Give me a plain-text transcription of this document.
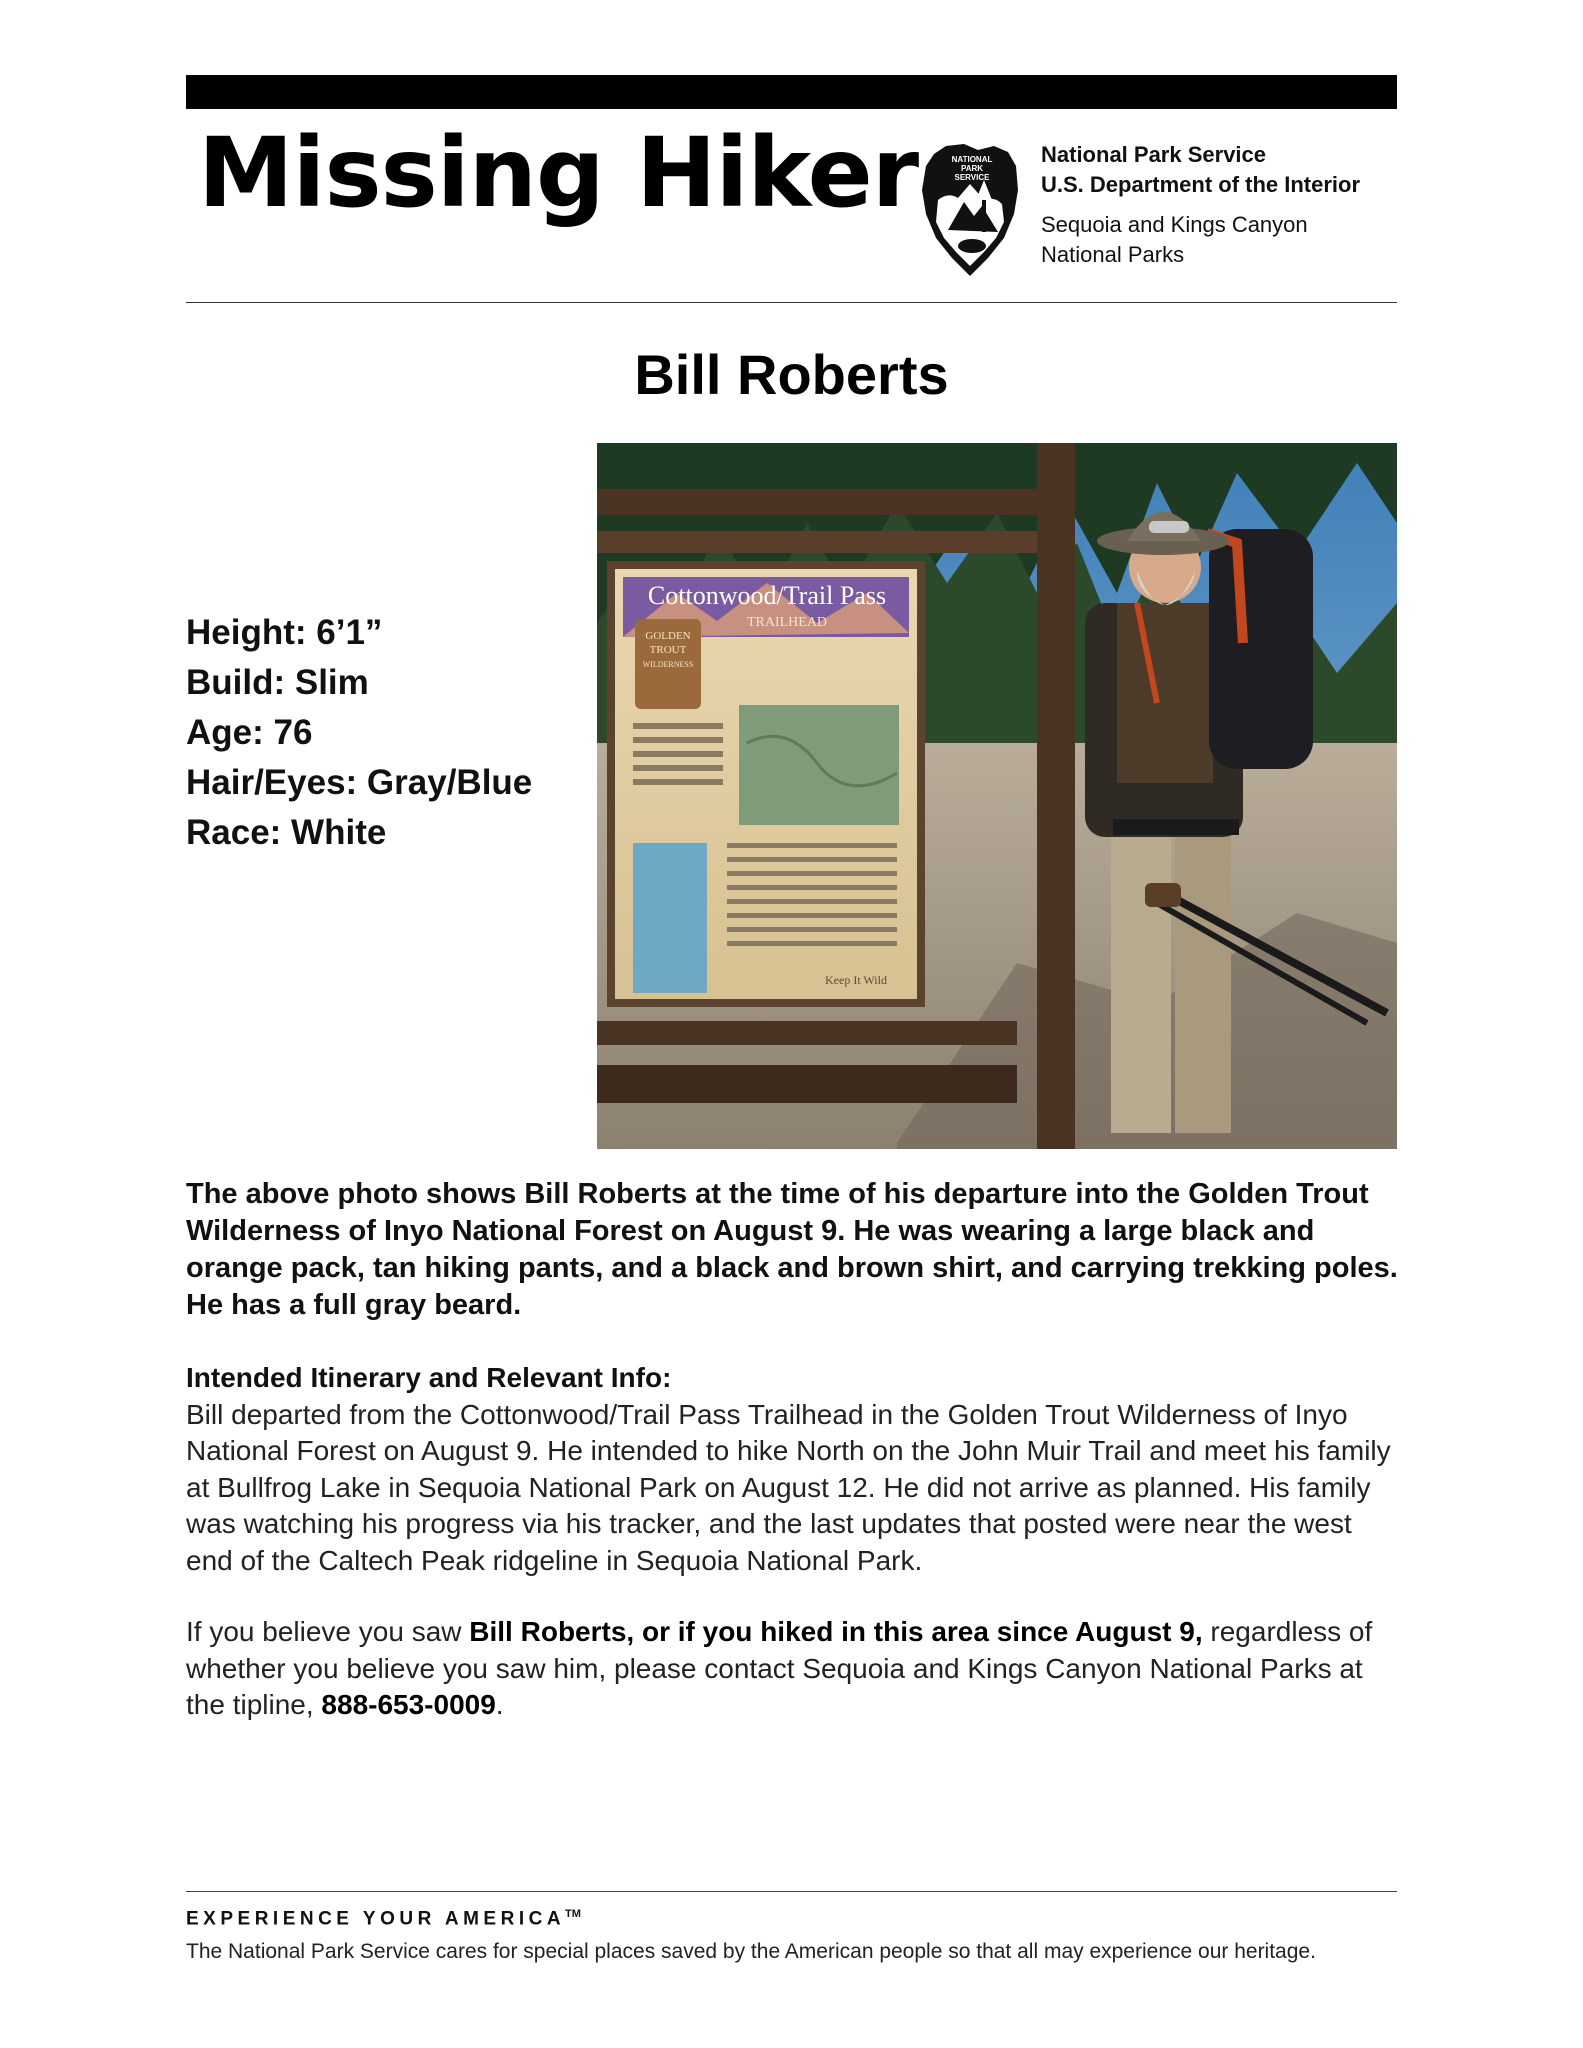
Missing Hiker	NATIONAL
PARK
SERVICE
National Park Service
U.S. Department of the Interior
Sequoia and Kings Canyon
National Parks
Bill Roberts
Height: 6’1”
Build: Slim
Age: 76
Hair/Eyes: Gray/Blue
Race: White
Cottonwood/Trail Pass
TRAILHEAD
GOLDEN
TROUT
WILDERNESS
Keep It Wild

The above photo shows Bill Roberts at the time of his departure into the Golden Trout Wilderness of Inyo National Forest on August 9. He was wearing a large black and orange pack, tan hiking pants, and a black and brown shirt, and carrying trekking poles. He has a full gray beard.

Intended Itinerary and Relevant Info:

Bill departed from the Cottonwood/Trail Pass Trailhead in the Golden Trout Wilderness of Inyo National Forest on August 9. He intended to hike North on the John Muir Trail and meet his family at Bullfrog Lake in Sequoia National Park on August 12. He did not arrive as planned. His family was watching his progress via his tracker, and the last updates that posted were near the west end of the Caltech Peak ridgeline in Sequoia National Park.

If you believe you saw Bill Roberts, or if you hiked in this area since August 9, regardless of whether you believe you saw him, please contact Sequoia and Kings Canyon National Parks at the tipline, 888-653-0009.

EXPERIENCE YOUR AMERICA™
The National Park Service cares for special places saved by the American people so that all may experience our heritage.
